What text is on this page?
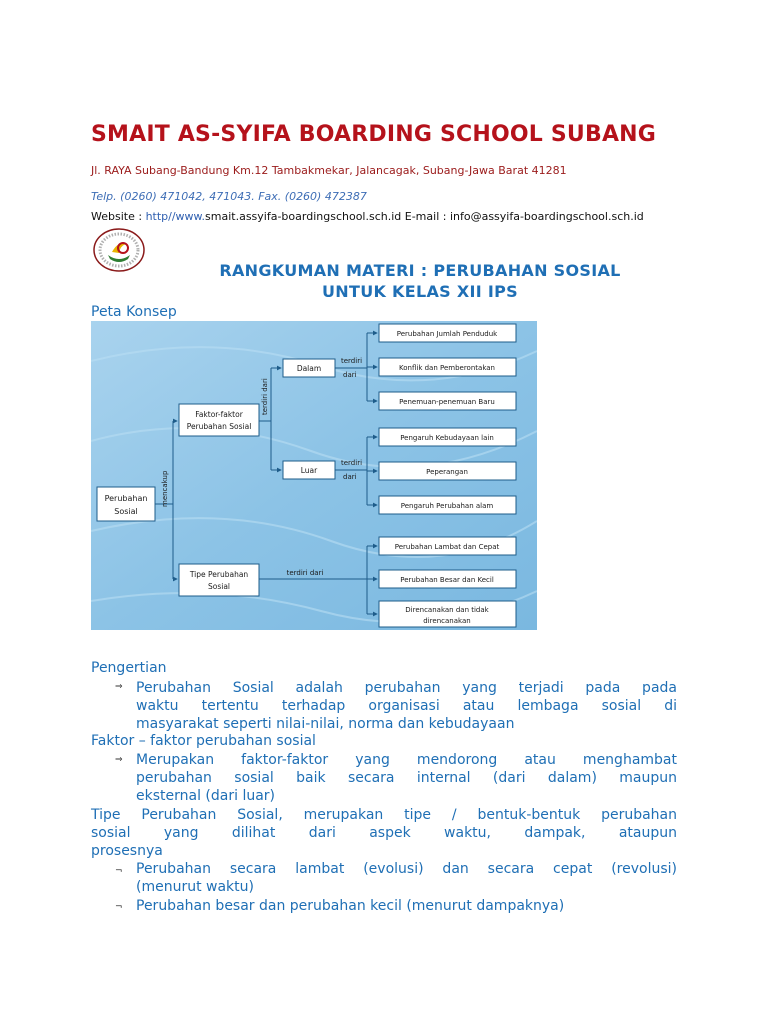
SMAIT AS-SYIFA BOARDING SCHOOL SUBANG
Jl. RAYA Subang-Bandung Km.12 Tambakmekar, Jalancagak, Subang-Jawa Barat 41281
Telp. (0260) 471042, 471043. Fax. (0260) 472387
Website : http//www.smait.assyifa-boardingschool.sch.id E-mail : info@assyifa-boardingschool.sch.id
RANGKUMAN MATERI : PERUBAHAN SOSIAL
UNTUK KELAS XII IPS
Peta Konsep
Perubahan
Sosial
mencakup
Faktor-faktor
Perubahan Sosial
Tipe Perubahan
Sosial
terdiri dari
Dalam
Luar
terdiri
dari
terdiri
dari
terdiri dari
Perubahan Jumlah Penduduk
Konflik dan Pemberontakan
Penemuan-penemuan Baru
Pengaruh Kebudayaan lain
Peperangan
Pengaruh Perubahan alam
Perubahan Lambat dan Cepat
Perubahan Besar dan Kecil
Direncanakan dan tidak
direncanakan
Pengertian
⇒ Perubahan Sosial adalah perubahan yang terjadi pada pada
waktu tertentu terhadap organisasi atau lembaga sosial di
masyarakat seperti nilai-nilai, norma dan kebudayaan
Faktor – faktor perubahan sosial
⇒ Merupakan faktor-faktor yang mendorong atau menghambat
perubahan sosial baik secara internal (dari dalam) maupun
eksternal (dari luar)
Tipe Perubahan Sosial, merupakan tipe / bentuk-bentuk perubahan
sosial yang dilihat dari aspek waktu, dampak, ataupun
prosesnya
¬ Perubahan secara lambat (evolusi) dan secara cepat (revolusi)
(menurut waktu)
¬ Perubahan besar dan perubahan kecil (menurut dampaknya)
